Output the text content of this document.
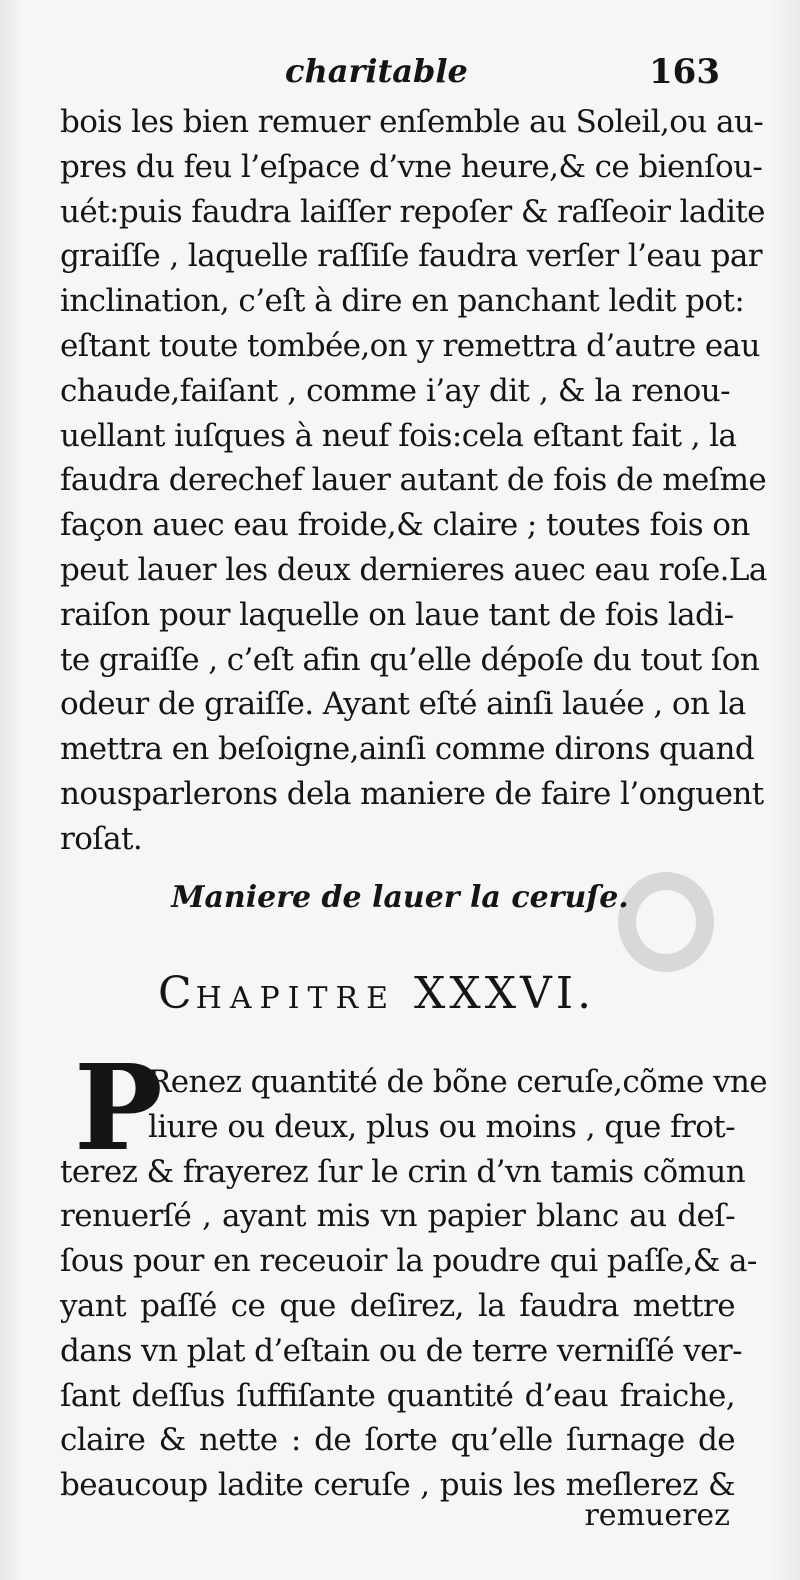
charitable	163
bois les bien remuer enſemble au Soleil,ou au-
pres du feu l’eſpace d’vne heure,& ce bienſou-
uét:puis faudra laiſſer repoſer & raſſeoir ladite
graiſſe , laquelle raſſiſe faudra verſer l’eau par
inclination, c’eſt à dire en panchant ledit pot:
eſtant toute tombée,on y remettra d’autre eau
chaude,faiſant , comme i’ay dit , & la renou-
uellant iuſques à neuf fois:cela eſtant fait , la
faudra derechef lauer autant de fois de meſme
façon auec eau froide,& claire ; toutes fois on
peut lauer les deux dernieres auec eau roſe.La
raiſon pour laquelle on laue tant de fois ladi-
te graiſſe , c’eſt afin qu’elle dépoſe du tout ſon
odeur de graiſſe. Ayant eſté ainſi lauée , on la
mettra en beſoigne,ainſi comme dirons quand
nousparlerons dela maniere de faire l’onguent
roſat.
Maniere de lauer la ceruſe.
CHAPITRE XXXVI.
P
Renez quantité de bõne ceruſe,cõme vne
liure ou deux, plus ou moins , que frot-
terez & frayerez ſur le crin d’vn tamis cõmun
renuerſé , ayant mis vn papier blanc au deſ-
ſous pour en receuoir la poudre qui paſſe,& a-
yant paſſé ce que deſirez, la faudra mettre
dans vn plat d’eſtain ou de terre verniſſé ver-
ſant deſſus ſuffiſante quantité d’eau fraiche,
claire & nette : de ſorte qu’elle ſurnage de
beaucoup ladite ceruſe , puis les meſlerez &
remuerez
